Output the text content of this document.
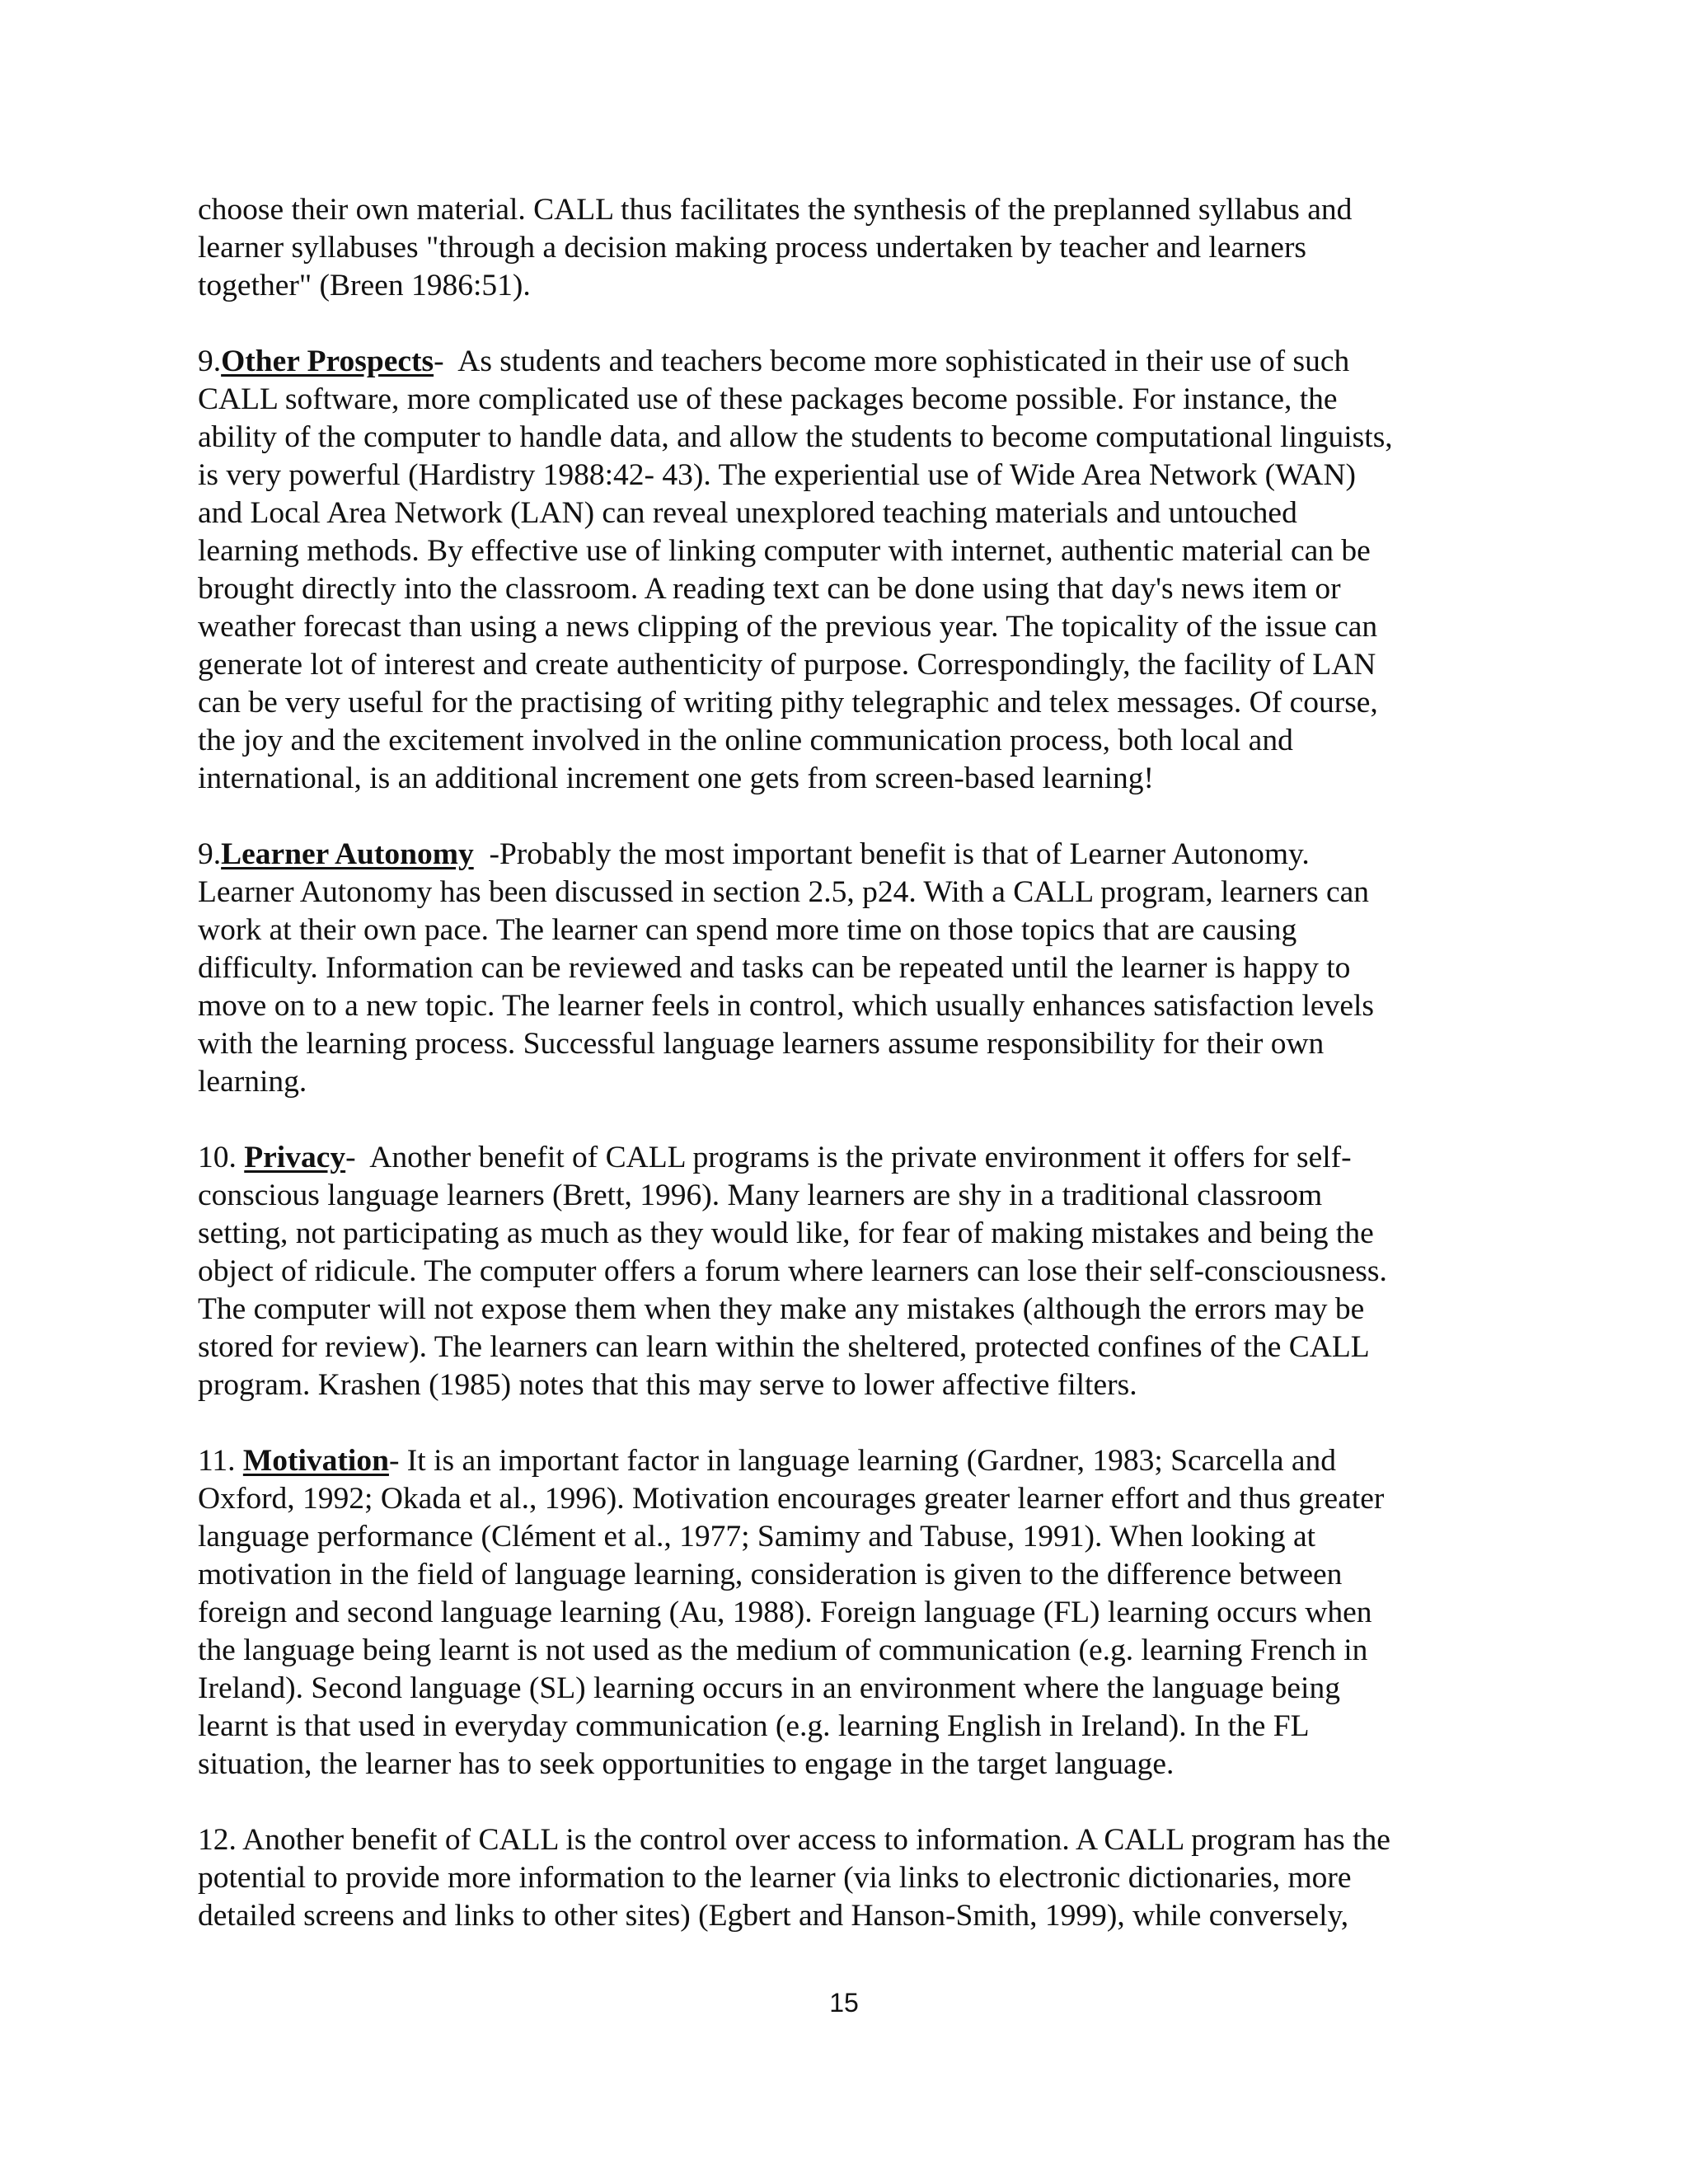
choose their own material. CALL thus facilitates the synthesis of the preplanned syllabus and
learner syllabuses "through a decision making process undertaken by teacher and learners
together" (Breen 1986:51).
9.Other Prospects-  As students and teachers become more sophisticated in their use of such
CALL software, more complicated use of these packages become possible. For instance, the
ability of the computer to handle data, and allow the students to become computational linguists,
is very powerful (Hardistry 1988:42- 43). The experiential use of Wide Area Network (WAN)
and Local Area Network (LAN) can reveal unexplored teaching materials and untouched
learning methods. By effective use of linking computer with internet, authentic material can be
brought directly into the classroom. A reading text can be done using that day's news item or
weather forecast than using a news clipping of the previous year. The topicality of the issue can
generate lot of interest and create authenticity of purpose. Correspondingly, the facility of LAN
can be very useful for the practising of writing pithy telegraphic and telex messages. Of course,
the joy and the excitement involved in the online communication process, both local and
international, is an additional increment one gets from screen-based learning!
9.Learner Autonomy  -Probably the most important benefit is that of Learner Autonomy.
Learner Autonomy has been discussed in section 2.5, p24. With a CALL program, learners can
work at their own pace. The learner can spend more time on those topics that are causing
difficulty. Information can be reviewed and tasks can be repeated until the learner is happy to
move on to a new topic. The learner feels in control, which usually enhances satisfaction levels
with the learning process. Successful language learners assume responsibility for their own
learning.
10. Privacy-  Another benefit of CALL programs is the private environment it offers for self-
conscious language learners (Brett, 1996). Many learners are shy in a traditional classroom
setting, not participating as much as they would like, for fear of making mistakes and being the
object of ridicule. The computer offers a forum where learners can lose their self-consciousness.
The computer will not expose them when they make any mistakes (although the errors may be
stored for review). The learners can learn within the sheltered, protected confines of the CALL
program. Krashen (1985) notes that this may serve to lower affective filters.
11. Motivation- It is an important factor in language learning (Gardner, 1983; Scarcella and
Oxford, 1992; Okada et al., 1996). Motivation encourages greater learner effort and thus greater
language performance (Clément et al., 1977; Samimy and Tabuse, 1991). When looking at
motivation in the field of language learning, consideration is given to the difference between
foreign and second language learning (Au, 1988). Foreign language (FL) learning occurs when
the language being learnt is not used as the medium of communication (e.g. learning French in
Ireland). Second language (SL) learning occurs in an environment where the language being
learnt is that used in everyday communication (e.g. learning English in Ireland). In the FL
situation, the learner has to seek opportunities to engage in the target language.
12. Another benefit of CALL is the control over access to information. A CALL program has the
potential to provide more information to the learner (via links to electronic dictionaries, more
detailed screens and links to other sites) (Egbert and Hanson-Smith, 1999), while conversely,
15
